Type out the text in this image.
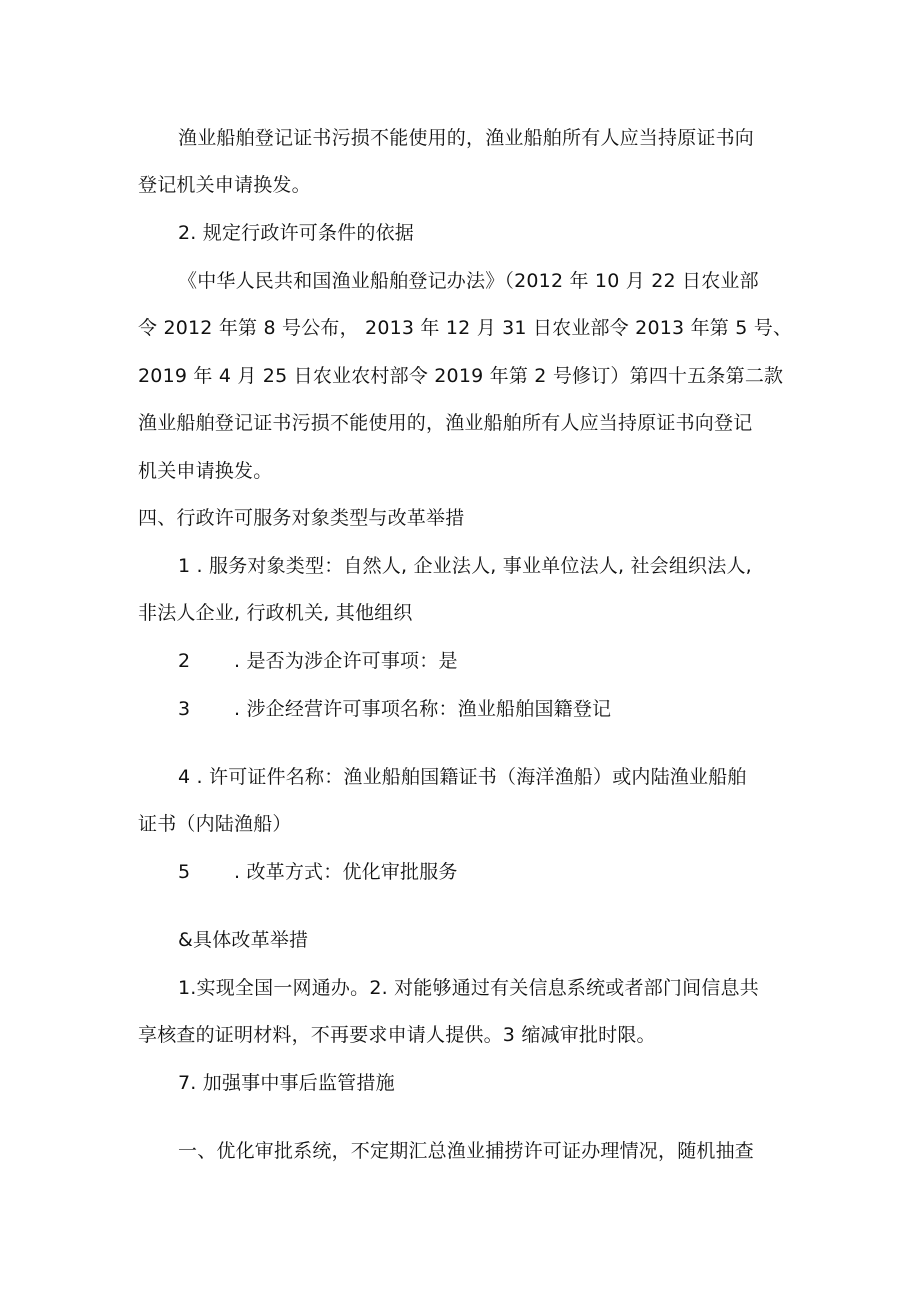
渔业船舶登记证书污损不能使用的，渔业船舶所有人应当持原证书向
登记机关申请换发。
2. 规定行政许可条件的依据
《中华人民共和国渔业船舶登记办法》（2012 年 10 月 22 日农业部
令 2012 年第 8 号公布， 2013 年 12 月 31 日农业部令 2013 年第 5 号、
2019 年 4 月 25 日农业农村部令 2019 年第 2 号修订）第四十五条第二款
渔业船舶登记证书污损不能使用的，渔业船舶所有人应当持原证书向登记
机关申请换发。
四、行政许可服务对象类型与改革举措
1 . 服务对象类型：自然人, 企业法人, 事业单位法人, 社会组织法人,
非法人企业, 行政机关, 其他组织
2       . 是否为涉企许可事项：是
3       . 涉企经营许可事项名称：渔业船舶国籍登记
4 . 许可证件名称：渔业船舶国籍证书（海洋渔船）或内陆渔业船舶
证书（内陆渔船）
5       . 改革方式：优化审批服务
&具体改革举措
1.实现全国一网通办。2. 对能够通过有关信息系统或者部门间信息共
享核查的证明材料，不再要求申请人提供。3 缩减审批时限。
7. 加强事中事后监管措施
一、优化审批系统，不定期汇总渔业捕捞许可证办理情况，随机抽查
